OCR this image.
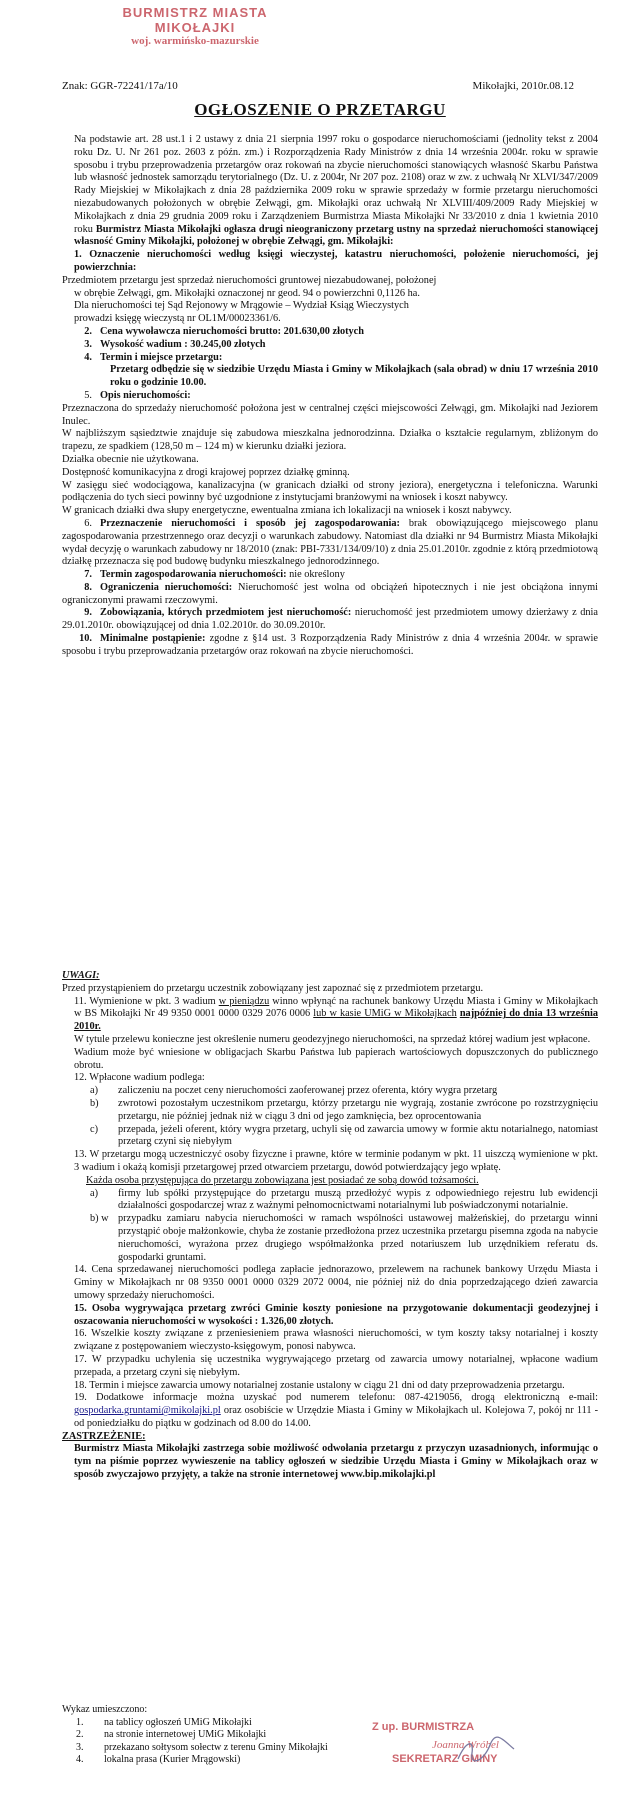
BURMISTRZ MIASTA MIKOŁAJKI
woj. warmińsko-mazurskie
Znak: GGR-72241/17a/10	Mikołajki, 2010r.08.12
OGŁOSZENIE O PRZETARGU

Na podstawie art. 28 ust.1 i 2 ustawy z dnia 21 sierpnia 1997 roku o gospodarce nieruchomościami (jednolity tekst z 2004 roku Dz. U. Nr 261 poz. 2603 z późn. zm.) i Rozporządzenia Rady Ministrów z dnia 14 września 2004r. roku w sprawie sposobu i trybu przeprowadzenia przetargów oraz rokowań na zbycie nieruchomości stanowiących własność Skarbu Państwa lub własność jednostek samorządu terytorialnego (Dz. U. z 2004r, Nr 207 poz. 2108) oraz w zw. z uchwałą Nr XLVI/347/2009 Rady Miejskiej w Mikołajkach z dnia 28 października 2009 roku w sprawie sprzedaży w formie przetargu nieruchomości niezabudowanych położonych w obrębie Zełwągi, gm. Mikołajki oraz uchwałą Nr XLVIII/409/2009 Rady Miejskiej w Mikołajkach z dnia 29 grudnia 2009 roku i Zarządzeniem Burmistrza Miasta Mikołajki Nr 33/2010 z dnia 1 kwietnia 2010 roku Burmistrz Miasta Mikołajki ogłasza drugi nieograniczony przetarg ustny na sprzedaż nieruchomości stanowiącej własność Gminy Mikołajki, położonej w obrębie Zełwągi, gm. Mikołajki:

1. Oznaczenie nieruchomości według księgi wieczystej, katastru nieruchomości, położenie nieruchomości, jej powierzchnia:

Przedmiotem przetargu jest sprzedaż nieruchomości gruntowej niezabudowanej, położonej

w obrębie Zełwągi, gm. Mikołajki oznaczonej nr geod. 94 o powierzchni 0,1126 ha.

Dla nieruchomości tej Sąd Rejonowy w Mrągowie – Wydział Ksiąg Wieczystych

prowadzi księgę wieczystą nr OL1M/00023361/6.

2. Cena wywoławcza nieruchomości brutto: 201.630,00 złotych
3. Wysokość wadium : 30.245,00 złotych
4. Termin i miejsce przetargu:

Przetarg odbędzie się w siedzibie Urzędu Miasta i Gminy w Mikołajkach (sala obrad) w dniu 17 września 2010 roku o godzinie 10.00.

5. Opis nieruchomości:

Przeznaczona do sprzedaży nieruchomość położona jest w centralnej części miejscowości Zełwągi, gm. Mikołajki nad Jeziorem Inulec.

W najbliższym sąsiedztwie znajduje się zabudowa mieszkalna jednorodzinna. Działka o kształcie regularnym, zbliżonym do trapezu, ze spadkiem (128,50 m – 124 m) w kierunku działki jeziora.

Działka obecnie nie użytkowana.

Dostępność komunikacyjna z drogi krajowej poprzez działkę gminną.

W zasięgu sieć wodociągowa, kanalizacyjna (w granicach działki od strony jeziora), energetyczna i telefoniczna. Warunki podłączenia do tych sieci powinny być uzgodnione z instytucjami branżowymi na wniosek i koszt nabywcy.

W granicach działki dwa słupy energetyczne, ewentualna zmiana ich lokalizacji na wniosek i koszt nabywcy.

6. Przeznaczenie nieruchomości i sposób jej zagospodarowania: brak obowiązującego miejscowego planu zagospodarowania przestrzennego oraz decyzji o warunkach zabudowy. Natomiast dla działki nr 94 Burmistrz Miasta Mikołajki wydał decyzję o warunkach zabudowy nr 18/2010 (znak: PBI-7331/134/09/10) z dnia 25.01.2010r. zgodnie z którą przedmiotową działkę przeznacza się pod budowę budynku mieszkalnego jednorodzinnego.

7. Termin zagospodarowania nieruchomości: nie określony

8. Ograniczenia nieruchomości: Nieruchomość jest wolna od obciążeń hipotecznych i nie jest obciążona innymi ograniczonymi prawami rzeczowymi.

9. Zobowiązania, których przedmiotem jest nieruchomość: nieruchomość jest przedmiotem umowy dzierżawy z dnia 29.01.2010r. obowiązującej od dnia 1.02.2010r. do 30.09.2010r.

10. Minimalne postąpienie: zgodne z §14 ust. 3 Rozporządzenia Rady Ministrów z dnia 4 września 2004r. w sprawie sposobu i trybu przeprowadzania przetargów oraz rokowań na zbycie nieruchomości.

UWAGI:

Przed przystąpieniem do przetargu uczestnik zobowiązany jest zapoznać się z przedmiotem przetargu.

11. Wymienione w pkt. 3 wadium w pieniądzu winno wpłynąć na rachunek bankowy Urzędu Miasta i Gminy w Mikołajkach w BS Mikołajki Nr 49 9350 0001 0000 0329 2076 0006 lub w kasie UMiG w Mikołajkach najpóźniej do dnia 13 września 2010r.

W tytule przelewu konieczne jest określenie numeru geodezyjnego nieruchomości, na sprzedaż której wadium jest wpłacone.

Wadium może być wniesione w obligacjach Skarbu Państwa lub papierach wartościowych dopuszczonych do publicznego obrotu.

12. Wpłacone wadium podlega:

a)	zaliczeniu na poczet ceny nieruchomości zaoferowanej przez oferenta, który wygra przetarg
b)	zwrotowi pozostałym uczestnikom przetargu, którzy przetargu nie wygrają, zostanie zwrócone po rozstrzygnięciu przetargu, nie później jednak niż w ciągu 3 dni od jego zamknięcia, bez oprocentowania
c)	przepada, jeżeli oferent, który wygra przetarg, uchyli się od zawarcia umowy w formie aktu notarialnego, natomiast przetarg czyni się niebyłym

13. W przetargu mogą uczestniczyć osoby fizyczne i prawne, które w terminie podanym w pkt. 11 uiszczą wymienione w pkt. 3 wadium i okażą komisji przetargowej przed otwarciem przetargu, dowód potwierdzający jego wpłatę.

Każda osoba przystępująca do przetargu zobowiązana jest posiadać ze sobą dowód tożsamości.

a)	firmy lub spółki przystępujące do przetargu muszą przedłożyć wypis z odpowiedniego rejestru lub ewidencji działalności gospodarczej wraz z ważnymi pełnomocnictwami notarialnymi lub poświadczonymi notarialnie.
b) w przypadku zamiaru nabycia nieruchomości w ramach wspólności ustawowej małżeńskiej, do przetargu winni przystąpić oboje małżonkowie, chyba że zostanie przedłożona przez uczestnika przetargu pisemna zgoda na nabycie nieruchomości, wyrażona przez drugiego współmałżonka przed notariuszem lub urzędnikiem referatu ds. gospodarki gruntami.

14. Cena sprzedawanej nieruchomości podlega zapłacie jednorazowo, przelewem na rachunek bankowy Urzędu Miasta i Gminy w Mikołajkach nr 08 9350 0001 0000 0329 2072 0004, nie później niż do dnia poprzedzającego dzień zawarcia umowy sprzedaży nieruchomości.

15. Osoba wygrywająca przetarg zwróci Gminie koszty poniesione na przygotowanie dokumentacji geodezyjnej i oszacowania nieruchomości w wysokości : 1.326,00 złotych.

16. Wszelkie koszty związane z przeniesieniem prawa własności nieruchomości, w tym koszty taksy notarialnej i koszty związane z postępowaniem wieczysto-księgowym, ponosi nabywca.

17. W przypadku uchylenia się uczestnika wygrywającego przetarg od zawarcia umowy notarialnej, wpłacone wadium przepada, a przetarg czyni się niebyłym.

18. Termin i miejsce zawarcia umowy notarialnej zostanie ustalony w ciągu 21 dni od daty przeprowadzenia przetargu.

19. Dodatkowe informacje można uzyskać pod numerem telefonu: 087-4219056, drogą elektroniczną e-mail: gospodarka.gruntami@mikolajki.pl oraz osobiście w Urzędzie Miasta i Gminy w Mikołajkach ul. Kolejowa 7, pokój nr 111 - od poniedziałku do piątku w godzinach od 8.00 do 14.00.

ZASTRZEŻENIE:

Burmistrz Miasta Mikołajki zastrzega sobie możliwość odwołania przetargu z przyczyn uzasadnionych, informując o tym na piśmie poprzez wywieszenie na tablicy ogłoszeń w siedzibie Urzędu Miasta i Gminy w Mikołajkach oraz w sposób zwyczajowo przyjęty, a także na stronie internetowej www.bip.mikolajki.pl

Wykaz umieszczono:

1.	na tablicy ogłoszeń UMiG Mikołajki
2.	na stronie internetowej UMiG Mikołajki
3.	przekazano sołtysom sołectw z terenu Gminy Mikołajki
4.	lokalna prasa (Kurier Mrągowski)
Z up. BURMISTRZA
Joanna Wróbel
SEKRETARZ GMINY
